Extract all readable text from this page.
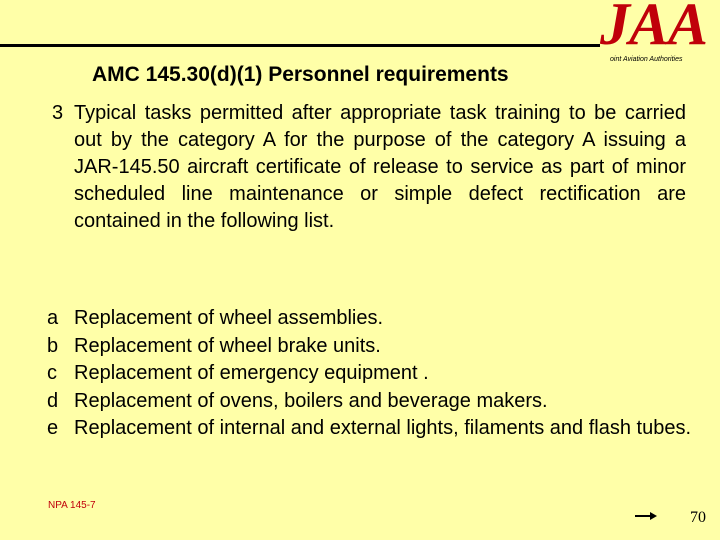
JAA
oint Aviation Authorities
AMC 145.30(d)(1) Personnel requirements
3 Typical tasks permitted after appropriate task training to be carried out by the category A for the purpose of the category A issuing a JAR-145.50 aircraft certificate of release to service as part of minor scheduled line maintenance or simple defect rectification are contained in the following list.

a Replacement of wheel assemblies.
b Replacement of wheel brake units.
c Replacement of emergency equipment .
d Replacement of ovens, boilers and beverage makers.
e Replacement of internal and external lights, filaments and flash tubes.
NPA 145-7
70
